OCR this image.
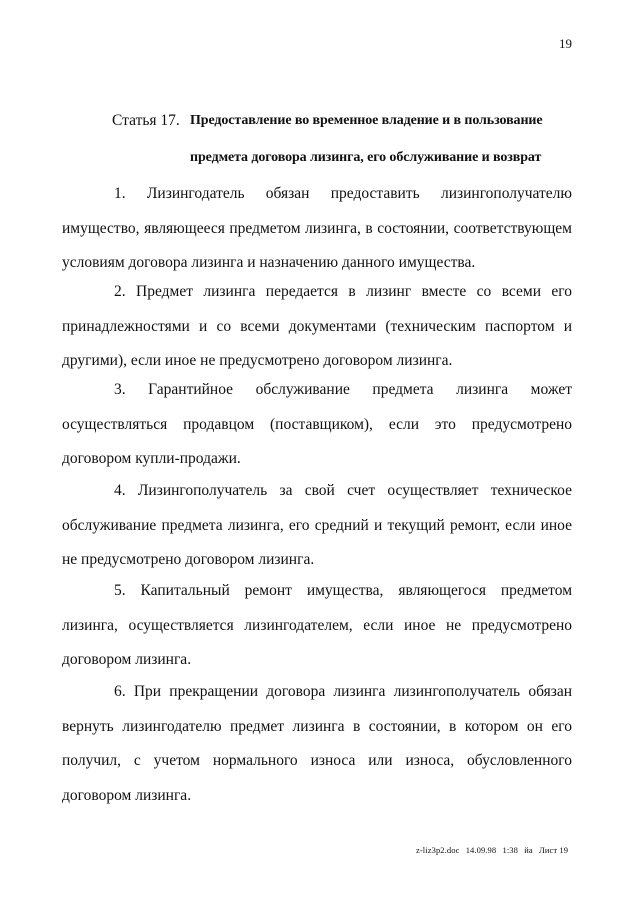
19
Статья 17. Предоставление во временное владение и в пользование
предмета договора лизинга, его обслуживание и возврат

1. Лизингодатель обязан предоставить лизингополучателю имущество, являющееся предметом лизинга, в состоянии, соответствующем условиям договора лизинга и назначению данного имущества.

2. Предмет лизинга передается в лизинг вместе со всеми его принадлежностями и со всеми документами (техническим паспортом и другими), если иное не предусмотрено договором лизинга.

3. Гарантийное обслуживание предмета лизинга может осуществляться продавцом (поставщиком), если это предусмотрено договором купли-продажи.

4. Лизингополучатель за свой счет осуществляет техническое обслуживание предмета лизинга, его средний и текущий ремонт, если иное не предусмотрено договором лизинга.

5. Капитальный ремонт имущества, являющегося предметом лизинга, осуществляется лизингодателем, если иное не предусмотрено договором лизинга.

6. При прекращении договора лизинга лизингополучатель обязан вернуть лизингодателю предмет лизинга в состоянии, в котором он его получил, с учетом нормального износа или износа, обусловленного договором лизинга.

z-liz3p2.doc 14.09.98 1:38 йа Лист 19
